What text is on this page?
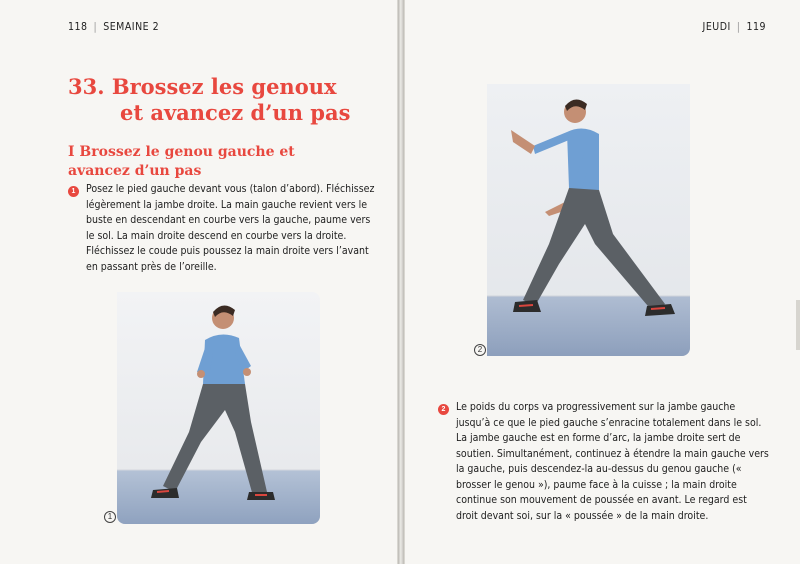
118 | SEMAINE 2
33. Brossez les genoux
et avancez d’un pas
I Brossez le genou gauche et avancez d’un pas
1	Posez le pied gauche devant vous (talon d’abord). Fléchissez légèrement la jambe droite. La main gauche revient vers le buste en descendant en courbe vers la gauche, paume vers le sol. La main droite descend en courbe vers la droite. Fléchissez le coude puis poussez la main droite vers l’avant en passant près de l’oreille.

1
JEUDI | 119
2
2	Le poids du corps va progressivement sur la jambe gauche jusqu’à ce que le pied gauche s’enracine totalement dans le sol. La jambe gauche est en forme d’arc, la jambe droite sert de soutien. Simultanément, continuez à étendre la main gauche vers la gauche, puis descendez-la au-dessus du genou gauche (« brosser le genou »), paume face à la cuisse ; la main droite continue son mouvement de poussée en avant. Le regard est droit devant soi, sur la « poussée » de la main droite.
